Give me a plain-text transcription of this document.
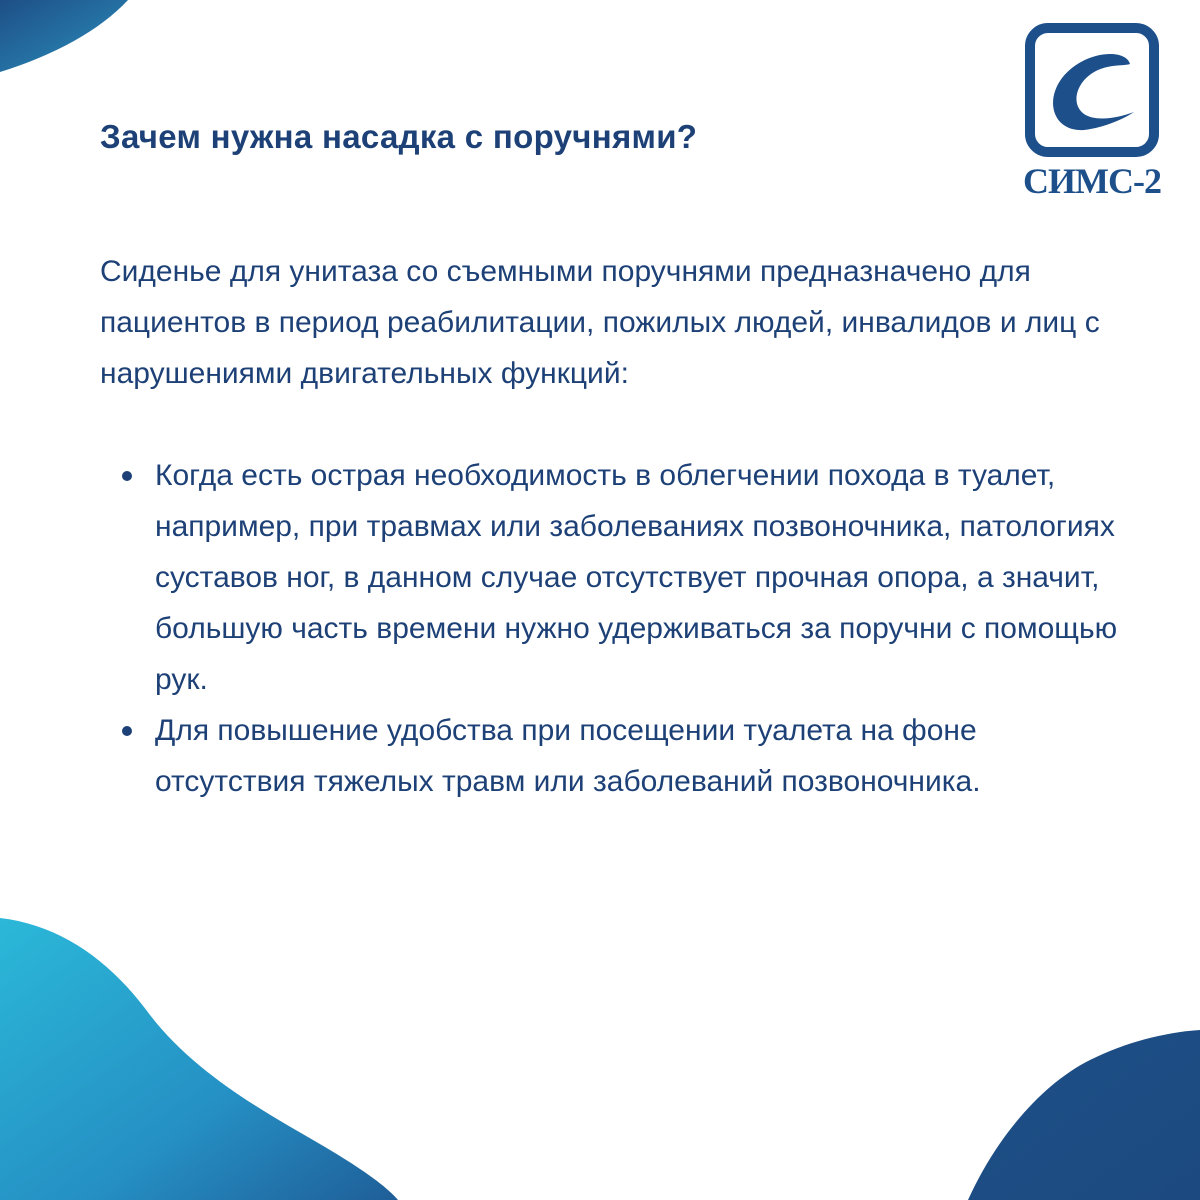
Зачем нужна насадка с поручнями?
СИМС-2

Сиденье для унитаза со съемными поручнями предназначено для пациентов в период реабилитации, пожилых людей, инвалидов и лиц с нарушениями двигательных функций:

Когда есть острая необходимость в облегчении похода в туалет, например, при травмах или заболеваниях позвоночника, патологиях суставов ног, в данном случае отсутствует прочная опора, а значит, большую часть времени нужно удерживаться за поручни с помощью рук.
Для повышение удобства при посещении туалета на фоне отсутствия тяжелых травм или заболеваний позвоночника.
